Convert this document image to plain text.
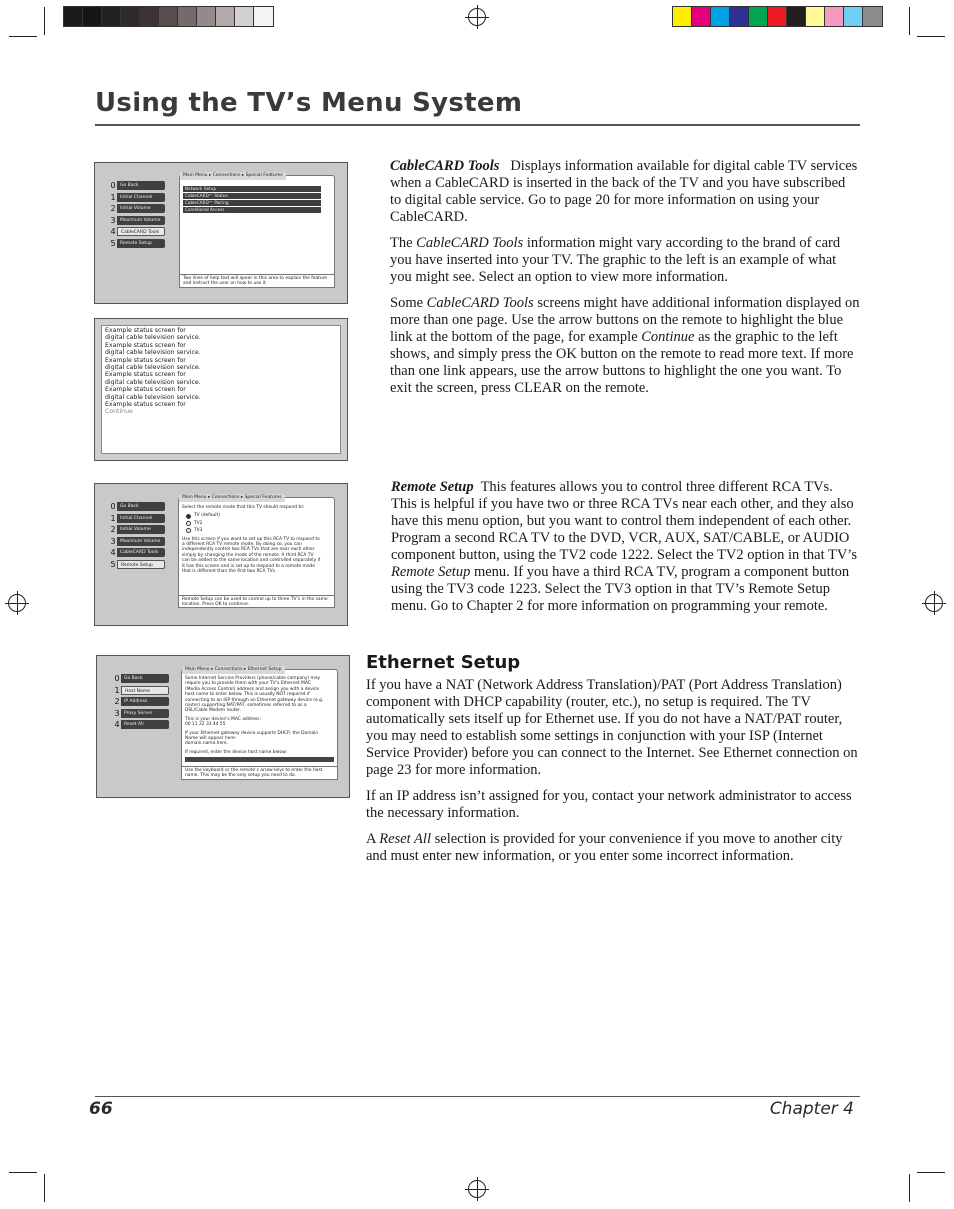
Using the TV’s Menu System
0 Go Back
1 Initial Channel
2 Initial Volume
3 Maximum Volume
4	CableCARD Tools
5 Remote Setup
Main Menu ▸ Connections ▸ Special Features
Network Setup
CableCARD™ Status
CableCARD™ Pairing
Conditional Access
Two lines of help text will apear in this area to explain the feature and instruct the user on how to use it.
Example status screen for digital cable television service.
Example status screen for digital cable television service.
Example status screen for digital cable television service.
Example status screen for digital cable television service.
Example status screen for digital cable television service.
Example status screen for
Continue
0 Go Back
1 Initial Channel
2 Initial Volume
3 Maximum Volume
4 CableCARD Tools
5	Remote Setup
Main Menu ▸ Connections ▸ Special Features
Select the remote mode that this TV should respond to:
TV (default)
TV2
TV3
Use this screen if you want to set up this RCA TV to respond to a different RCA TV remote mode. By doing so, you can independently control two RCA TVs that are near each other simply by changing the mode of the remote. A third RCA TV can be added to the same location and controlled separately if it has this screen and is set up to respond to a remote mode that is different than the first two RCA TVs.
Remote Setup can be used to control up to three TV’s in the same location. Press OK to continue.
0 Go Back
1	Host Name
2 IP Address
3 Proxy Server
4 Reset All
Main Menu ▸ Connections ▸ Ethernet Setup
Some Internet Service Providers (phone/cable company) may require you to provide them with your TV’s Ethernet MAC (Media Access Control) address and assign you with a device host name to enter below. This is usually NOT required if connecting to an ISP through an Ethernet gateway device (e.g. router) supporting NAT/PAT, sometimes referred to as a DSL/Cable Modem router.
This is your device’s MAC address:
00 11 22 33 44 55
If your Ethernet gateway device supports DHCP, the Domain Name will appear here:
domain.name.here.
If required, enter the device host name below:
Use the keyboard or the remote’s arrow keys to enter the host name. This may be the only setup you need to do.

CableCARD Tools Displays information available for digital cable TV services when a CableCARD is inserted in the back of the TV and you have subscribed to digital cable service. Go to page 20 for more information on using your CableCARD.

The CableCARD Tools information might vary according to the brand of card you have inserted into your TV. The graphic to the left is an example of what you might see. Select an option to view more information.

Some CableCARD Tools screens might have additional information displayed on more than one page. Use the arrow buttons on the remote to highlight the blue link at the bottom of the page, for example Continue as the graphic to the left shows, and simply press the OK button on the remote to read more text. If more than one link appears, use the arrow buttons to highlight the one you want. To exit the screen, press CLEAR on the remote.

Remote Setup This features allows you to control three different RCA TVs. This is helpful if you have two or three RCA TVs near each other, and they also have this menu option, but you want to control them independent of each other. Program a second RCA TV to the DVD, VCR, AUX, SAT/CABLE, or AUDIO component button, using the TV2 code 1222. Select the TV2 option in that TV’s Remote Setup menu. If you have a third RCA TV, program a component button using the TV3 code 1223. Select the TV3 option in that TV’s Remote Setup menu. Go to Chapter 2 for more information on programming your remote.

Ethernet Setup

If you have a NAT (Network Address Translation)/PAT (Port Address Translation) component with DHCP capability (router, etc.), no setup is required. The TV automatically sets itself up for Ethernet use. If you do not have a NAT/PAT router, you may need to establish some settings in conjunction with your ISP (Internet Service Provider) before you can connect to the Internet. See Ethernet connection on page 23 for more information.

If an IP address isn’t assigned for you, contact your network administrator to access the necessary information.

A Reset All selection is provided for your convenience if you move to another city and must enter new information, or you enter some incorrect information.

66	Chapter 4
